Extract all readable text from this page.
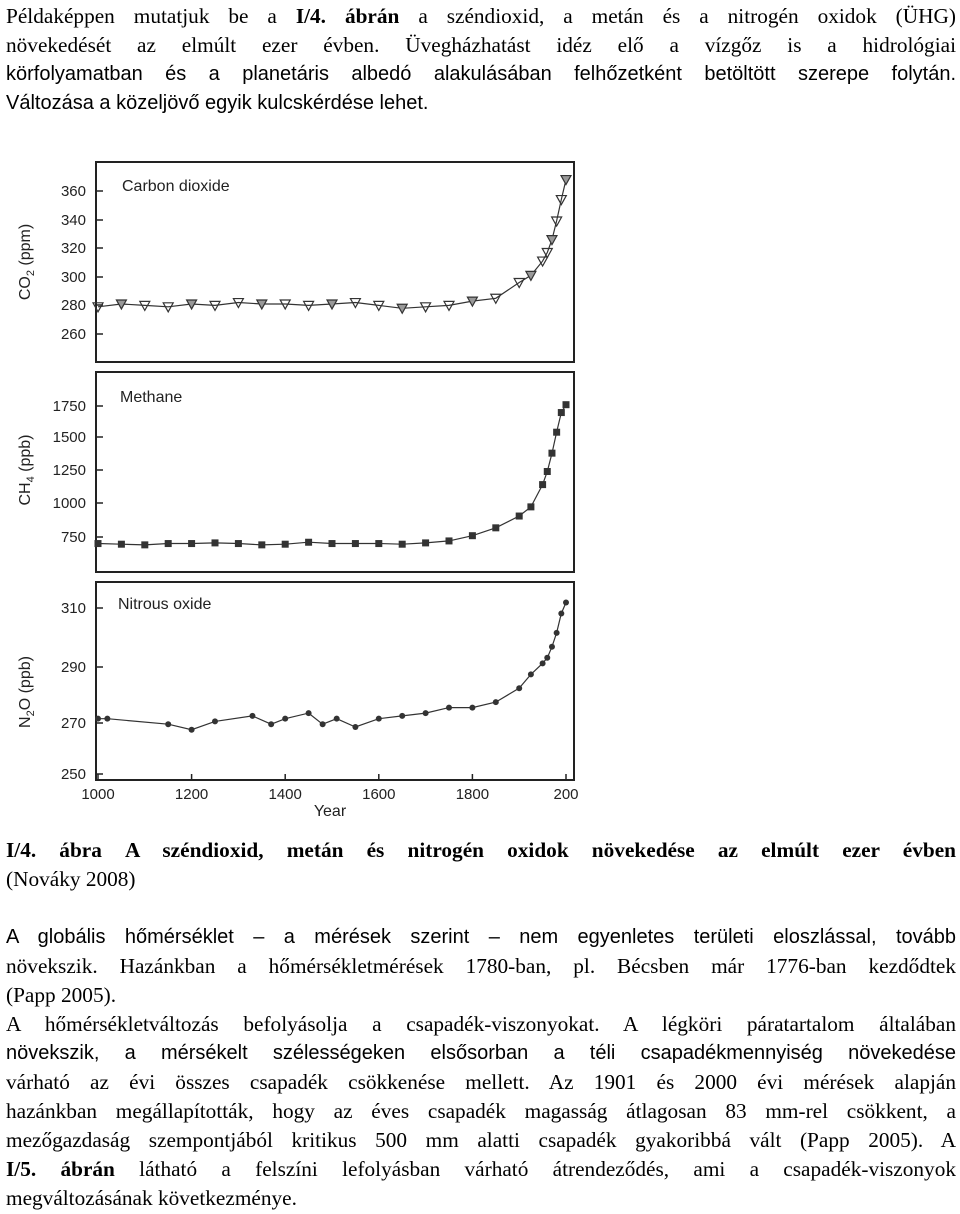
Példaképpen mutatjuk be a I/4. ábrán a széndioxid, a metán és a nitrogén oxidok (ÜHG)
növekedését az elmúlt ezer évben. Üvegházhatást idéz elő a vízgőz is a hidrológiai
körfolyamatban és a planetáris albedó alakulásában felhőzetként betöltött szerepe folytán.
Változása a közeljövő egyik kulcskérdése lehet.
Carbon dioxide
$CO_2$ (ppm)
360
340
320
300
280
260
Methane
$CH_4$ (ppb)
1750
1500
1250
1000
750
Nitrous oxide
$N_2O$ (ppb)
310
290
270
250
1000	1200	1400	1600	1800	200
Year
I/4. ábra A széndioxid, metán és nitrogén oxidok növekedése az elmúlt ezer évben
(Nováky 2008)
A globális hőmérséklet – a mérések szerint – nem egyenletes területi eloszlással, tovább
növekszik. Hazánkban a hőmérsékletmérések 1780-ban, pl. Bécsben már 1776-ban kezdődtek
(Papp 2005).
A hőmérsékletváltozás befolyásolja a csapadék-viszonyokat. A légköri páratartalom általában
növekszik, a mérsékelt szélességeken elsősorban a téli csapadékmennyiség növekedése
várható az évi összes csapadék csökkenése mellett. Az 1901 és 2000 évi mérések alapján
hazánkban megállapították, hogy az éves csapadék magasság átlagosan 83 mm-rel csökkent, a
mezőgazdaság szempontjából kritikus 500 mm alatti csapadék gyakoribbá vált (Papp 2005). A
I/5. ábrán látható a felszíni lefolyásban várható átrendeződés, ami a csapadék-viszonyok
megváltozásának következménye.
